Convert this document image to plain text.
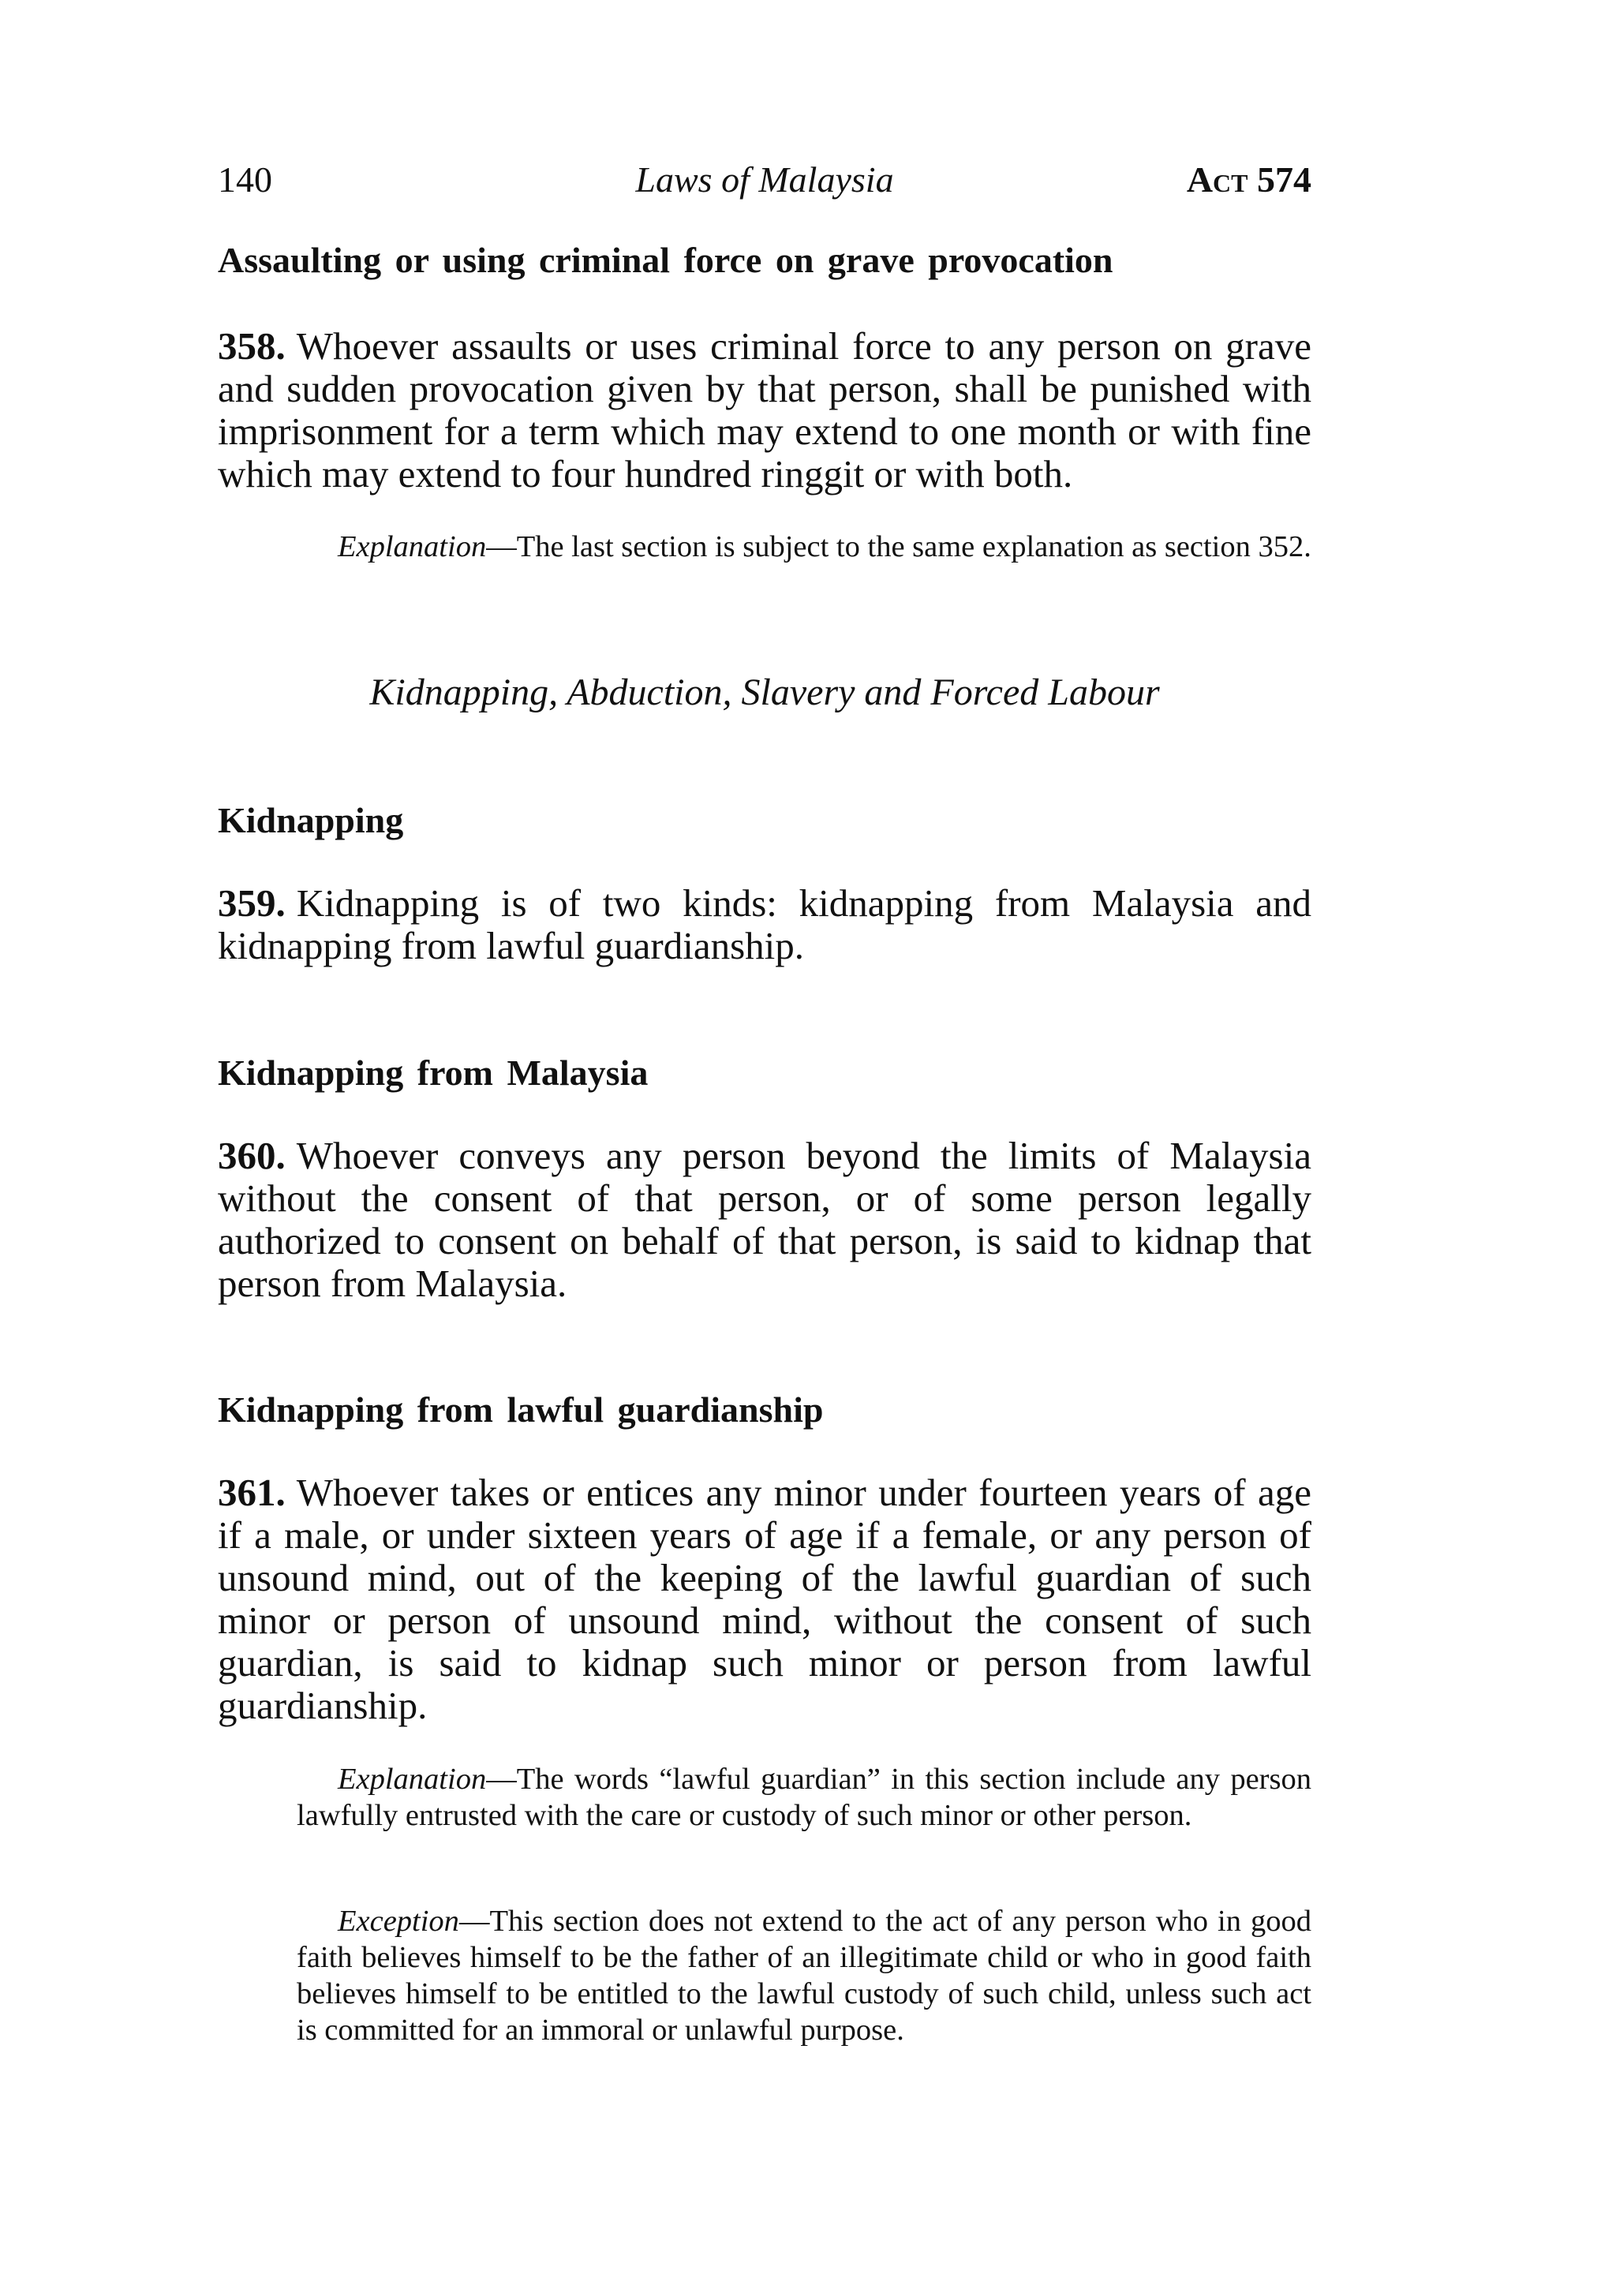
140	Laws of Malaysia	Act 574
Assaulting or using criminal force on grave provocation
358. Whoever assaults or uses criminal force to any person on grave and sudden provocation given by that person, shall be punished with imprisonment for a term which may extend to one month or with fine which may extend to four hundred ringgit or with both.
Explanation—The last section is subject to the same explanation as section 352.
Kidnapping, Abduction, Slavery and Forced Labour
Kidnapping
359. Kidnapping is of two kinds: kidnapping from Malaysia and kidnapping from lawful guardianship.
Kidnapping from Malaysia
360. Whoever conveys any person beyond the limits of Malaysia without the consent of that person, or of some person legally authorized to consent on behalf of that person, is said to kidnap that person from Malaysia.
Kidnapping from lawful guardianship
361. Whoever takes or entices any minor under fourteen years of age if a male, or under sixteen years of age if a female, or any person of unsound mind, out of the keeping of the lawful guardian of such minor or person of unsound mind, without the consent of such guardian, is said to kidnap such minor or person from lawful guardianship.
Explanation—The words “lawful guardian” in this section include any person lawfully entrusted with the care or custody of such minor or other person.
Exception—This section does not extend to the act of any person who in good faith believes himself to be the father of an illegitimate child or who in good faith believes himself to be entitled to the lawful custody of such child, unless such act is committed for an immoral or unlawful purpose.
